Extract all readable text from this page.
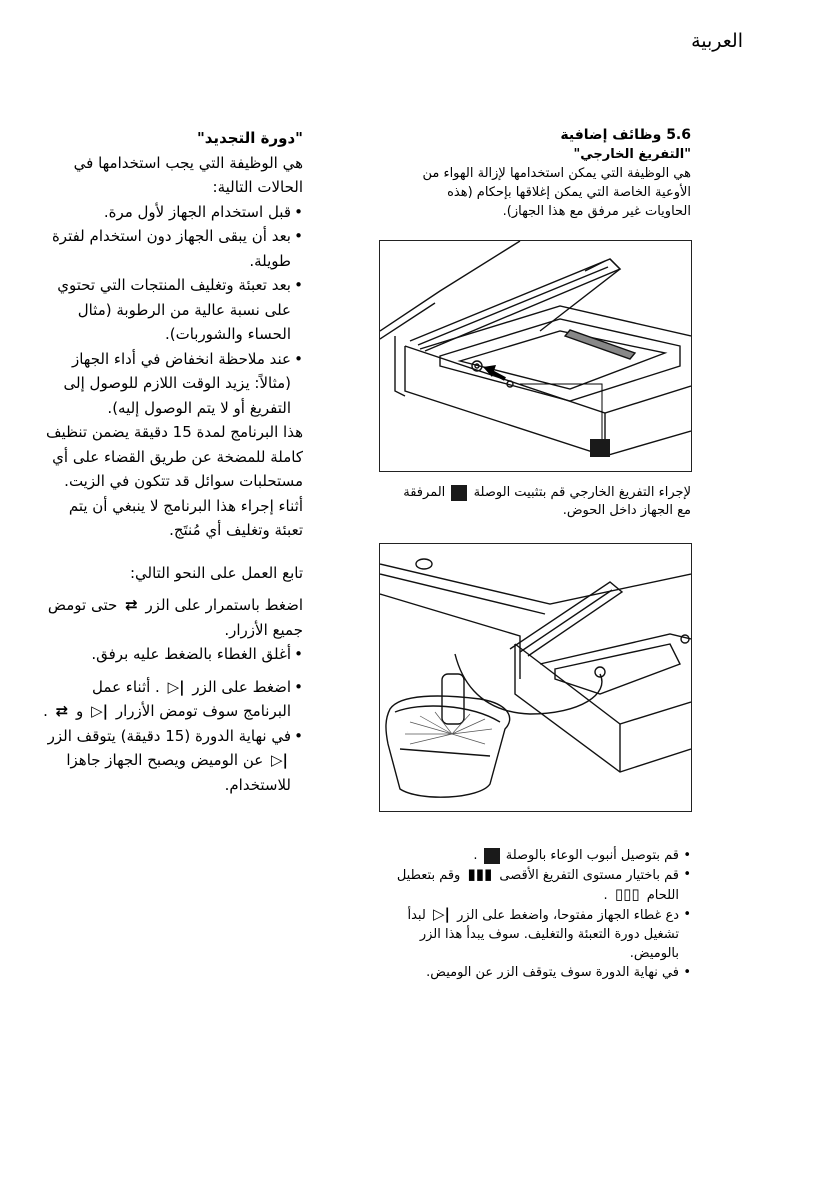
العربية
5.6 وظائف إضافية
"التفريغ الخارجي"
هي الوظيفة التي يمكن استخدامها لإزالة الهواء من الأوعية الخاصة التي يمكن إغلاقها بإحكام (هذه الحاويات غير مرفق مع هذا الجهاز).
لإجراء التفريغ الخارجي قم بتثبيت الوصلة  المرفقة مع الجهاز داخل الحوض.
• قم بتوصيل أنبوب الوعاء بالوصلة  .
• قم باختيار مستوى التفريغ الأقصى ▮▮▮ وقم بتعطيل اللحام ▯▯▯ .
• دع غطاء الجهاز مفتوحا، واضغط على الزر ▷| لبدأ تشغيل دورة التعبئة والتغليف. سوف يبدأ هذا الزر بالوميض.
• في نهاية الدورة سوف يتوقف الزر عن الوميض.
"دورة التجديد"
هي الوظيفة التي يجب استخدامها في الحالات التالية:
• قبل استخدام الجهاز لأول مرة.
• بعد أن يبقى الجهاز دون استخدام لفترة طويلة.
• بعد تعبئة وتغليف المنتجات التي تحتوي على نسبة عالية من الرطوبة (مثال الحساء والشوربات).
• عند ملاحظة انخفاض في أداء الجهاز (مثالاً: يزيد الوقت اللازم للوصول إلى التفريغ أو لا يتم الوصول إليه).
هذا البرنامج لمدة 15 دقيقة يضمن تنظيف كاملة للمضخة عن طريق القضاء على أي مستحلبات سوائل قد تتكون في الزيت.
أثناء إجراء هذا البرنامج لا ينبغي أن يتم تعبئة وتغليف أي مُنتَج.
تابع العمل على النحو التالي:
اضغط باستمرار على الزر ⇄ حتى تومض جميع الأزرار.
• أغلق الغطاء بالضغط عليه برفق.
• اضغط على الزر ▷| . أثناء عمل البرنامج سوف تومض الأزرار ▷| و ⇄ .
• في نهاية الدورة (15 دقيقة) يتوقف الزر ▷| عن الوميض ويصبح الجهاز جاهزا للاستخدام.
